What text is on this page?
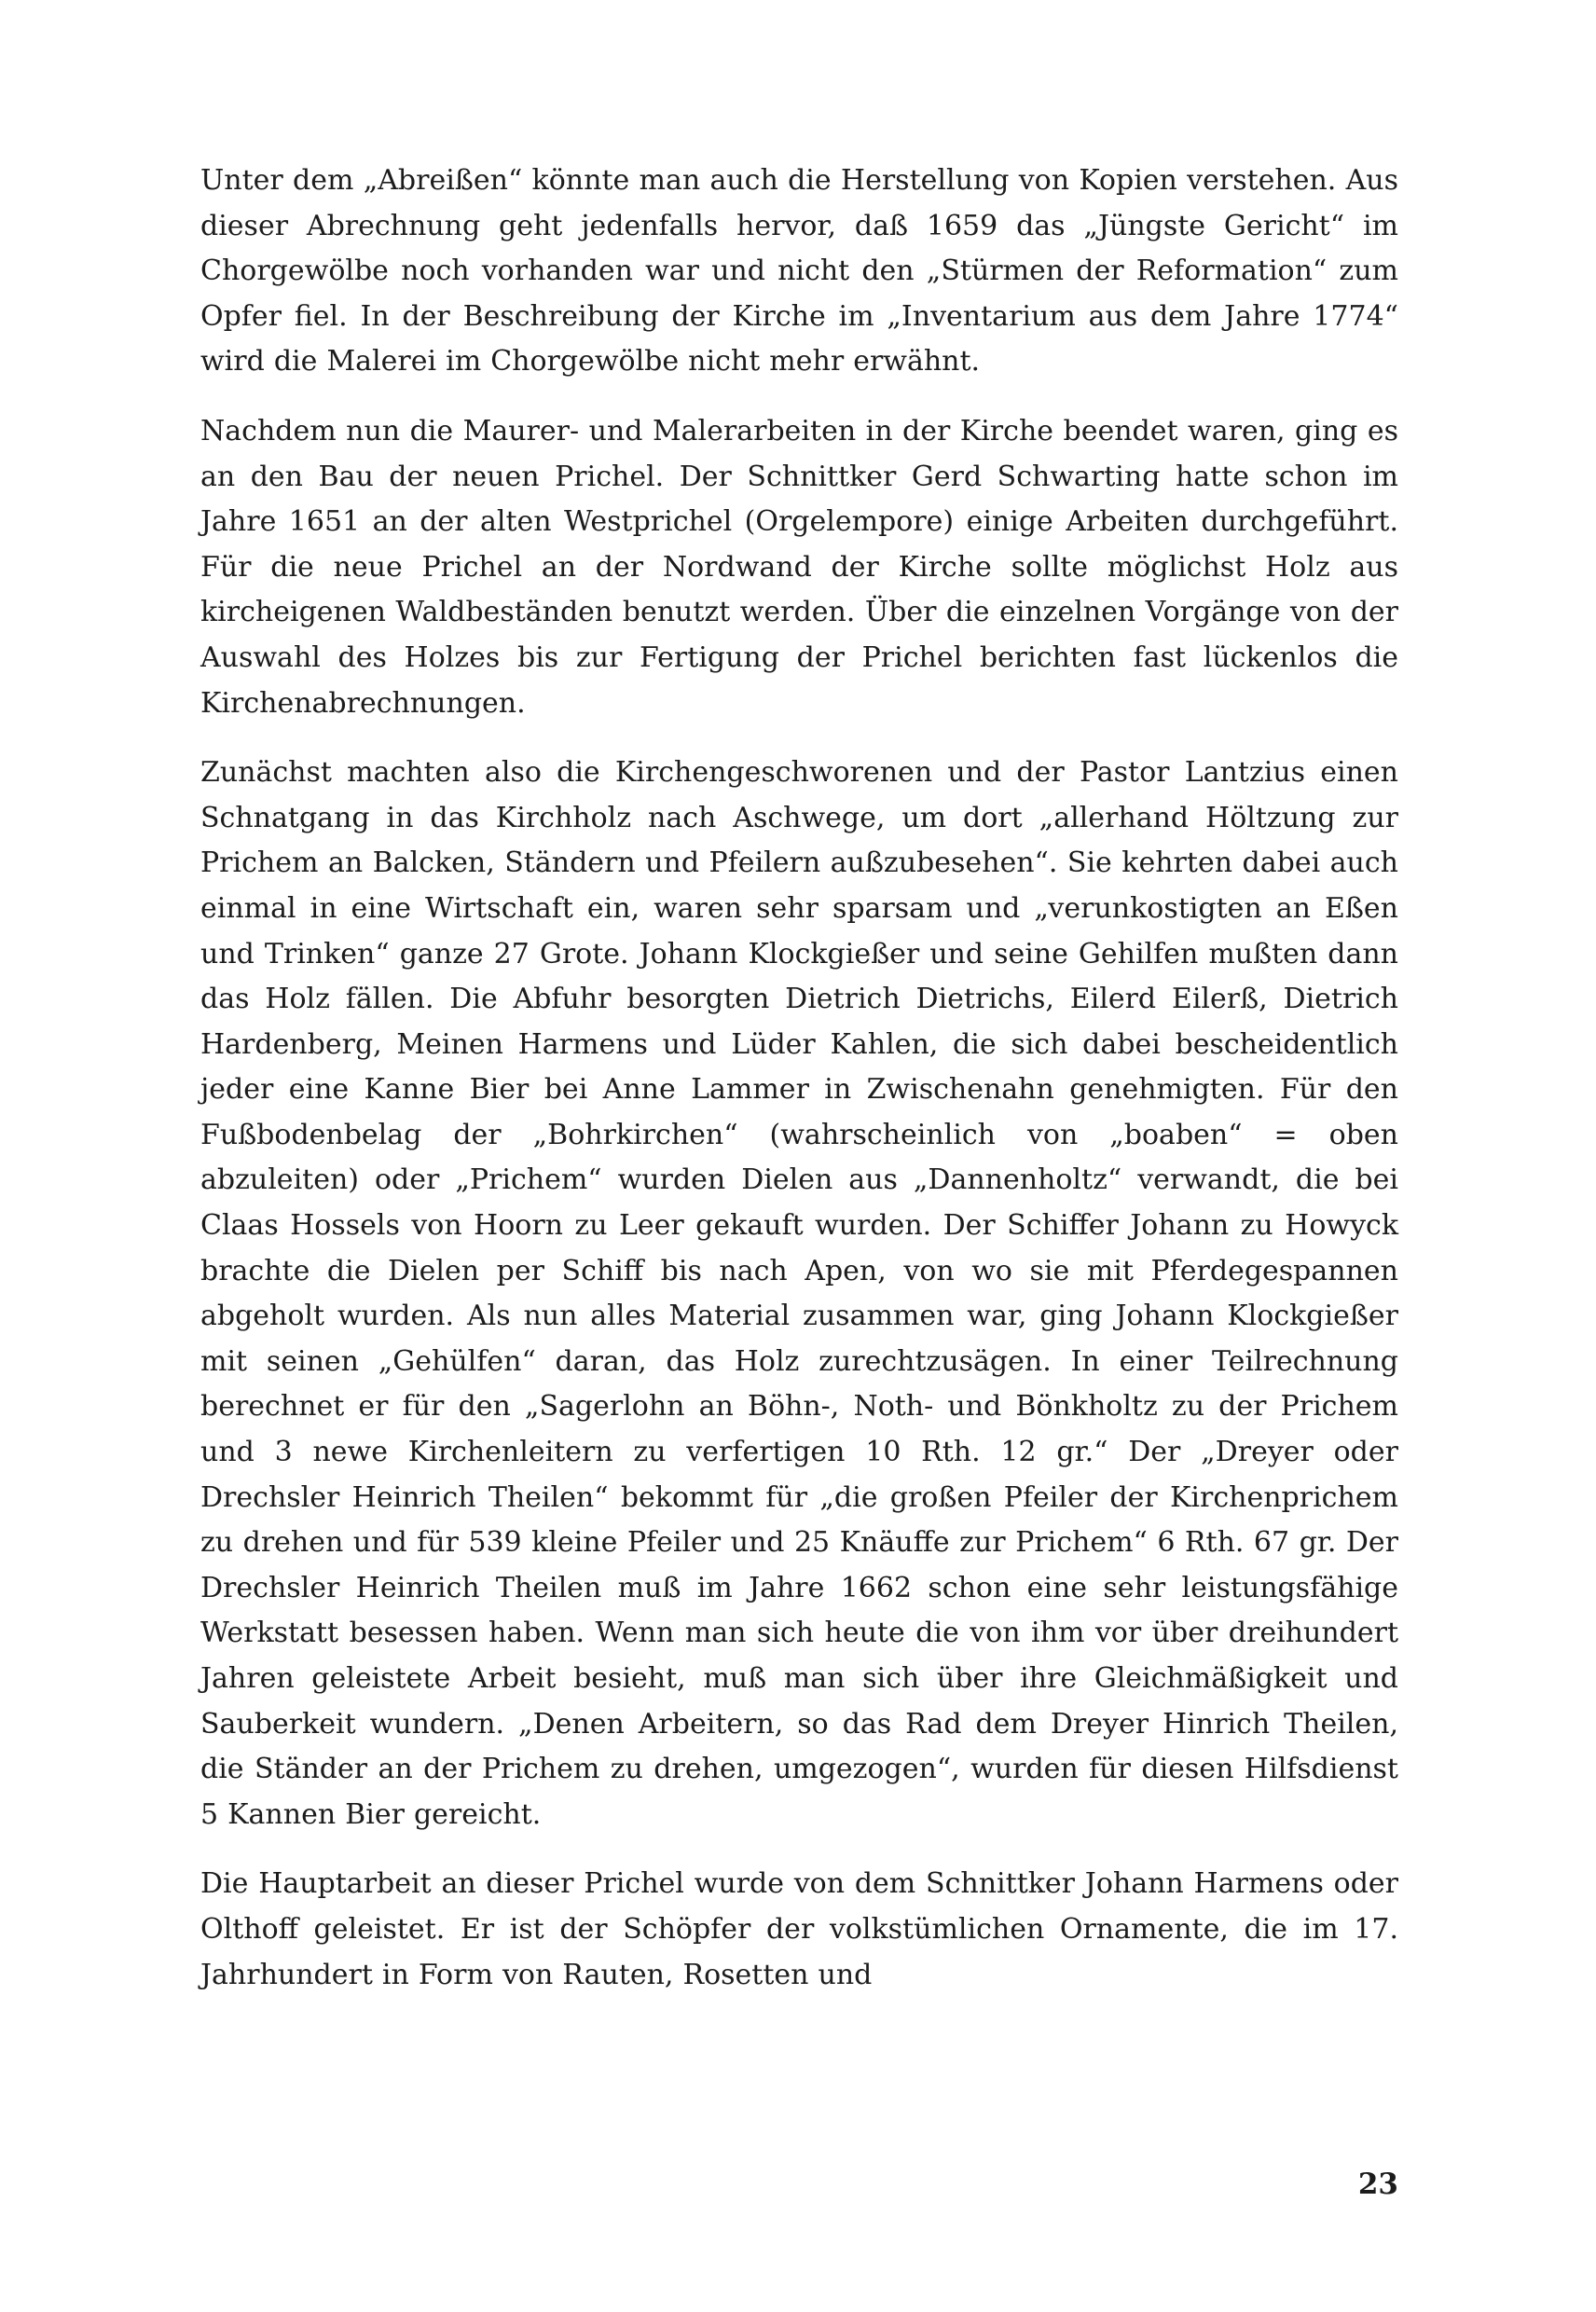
Unter dem „Abreißen“ könnte man auch die Herstellung von Kopien verstehen. Aus dieser Abrechnung geht jedenfalls hervor, daß 1659 das „Jüngste Gericht“ im Chorgewölbe noch vorhanden war und nicht den „Stürmen der Reformation“ zum Opfer fiel. In der Beschreibung der Kirche im „Inventarium aus dem Jahre 1774“ wird die Malerei im Chorgewölbe nicht mehr erwähnt.

Nachdem nun die Maurer- und Malerarbeiten in der Kirche beendet waren, ging es an den Bau der neuen Prichel. Der Schnittker Gerd Schwarting hatte schon im Jahre 1651 an der alten Westprichel (Orgelempore) einige Arbeiten durchgeführt. Für die neue Prichel an der Nordwand der Kirche sollte möglichst Holz aus kircheigenen Waldbeständen benutzt werden. Über die einzelnen Vorgänge von der Auswahl des Holzes bis zur Fertigung der Prichel berichten fast lückenlos die Kirchenabrechnungen.

Zunächst machten also die Kirchengeschworenen und der Pastor Lantzius einen Schnatgang in das Kirchholz nach Aschwege, um dort „allerhand Höltzung zur Prichem an Balcken, Ständern und Pfeilern außzubesehen“. Sie kehrten dabei auch einmal in eine Wirtschaft ein, waren sehr sparsam und „verunkostigten an Eßen und Trinken“ ganze 27 Grote. Johann Klockgießer und seine Gehilfen mußten dann das Holz fällen. Die Abfuhr besorgten Dietrich Dietrichs, Eilerd Eilerß, Dietrich Hardenberg, Meinen Harmens und Lüder Kahlen, die sich dabei bescheidentlich jeder eine Kanne Bier bei Anne Lammer in Zwischenahn genehmigten. Für den Fußbodenbelag der „Bohrkirchen“ (wahrscheinlich von „boaben“ = oben abzuleiten) oder „Prichem“ wurden Dielen aus „Dannenholtz“ verwandt, die bei Claas Hossels von Hoorn zu Leer gekauft wurden. Der Schiffer Johann zu Howyck brachte die Dielen per Schiff bis nach Apen, von wo sie mit Pferdegespannen abgeholt wurden. Als nun alles Material zusammen war, ging Johann Klockgießer mit seinen „Gehülfen“ daran, das Holz zurechtzusägen. In einer Teilrechnung berechnet er für den „Sagerlohn an Böhn-, Noth- und Bönkholtz zu der Prichem und 3 newe Kirchenleitern zu verfertigen 10 Rth. 12 gr.“ Der „Dreyer oder Drechsler Heinrich Theilen“ bekommt für „die großen Pfeiler der Kirchenprichem zu drehen und für 539 kleine Pfeiler und 25 Knäuffe zur Prichem“ 6 Rth. 67 gr. Der Drechsler Heinrich Theilen muß im Jahre 1662 schon eine sehr leistungsfähige Werkstatt besessen haben. Wenn man sich heute die von ihm vor über dreihundert Jahren geleistete Arbeit besieht, muß man sich über ihre Gleichmäßigkeit und Sauberkeit wundern. „Denen Arbeitern, so das Rad dem Dreyer Hinrich Theilen, die Ständer an der Prichem zu drehen, umgezogen“, wurden für diesen Hilfsdienst 5 Kannen Bier gereicht.

Die Hauptarbeit an dieser Prichel wurde von dem Schnittker Johann Harmens oder Olthoff geleistet. Er ist der Schöpfer der volkstümlichen Ornamente, die im 17. Jahrhundert in Form von Rauten, Rosetten und

23
